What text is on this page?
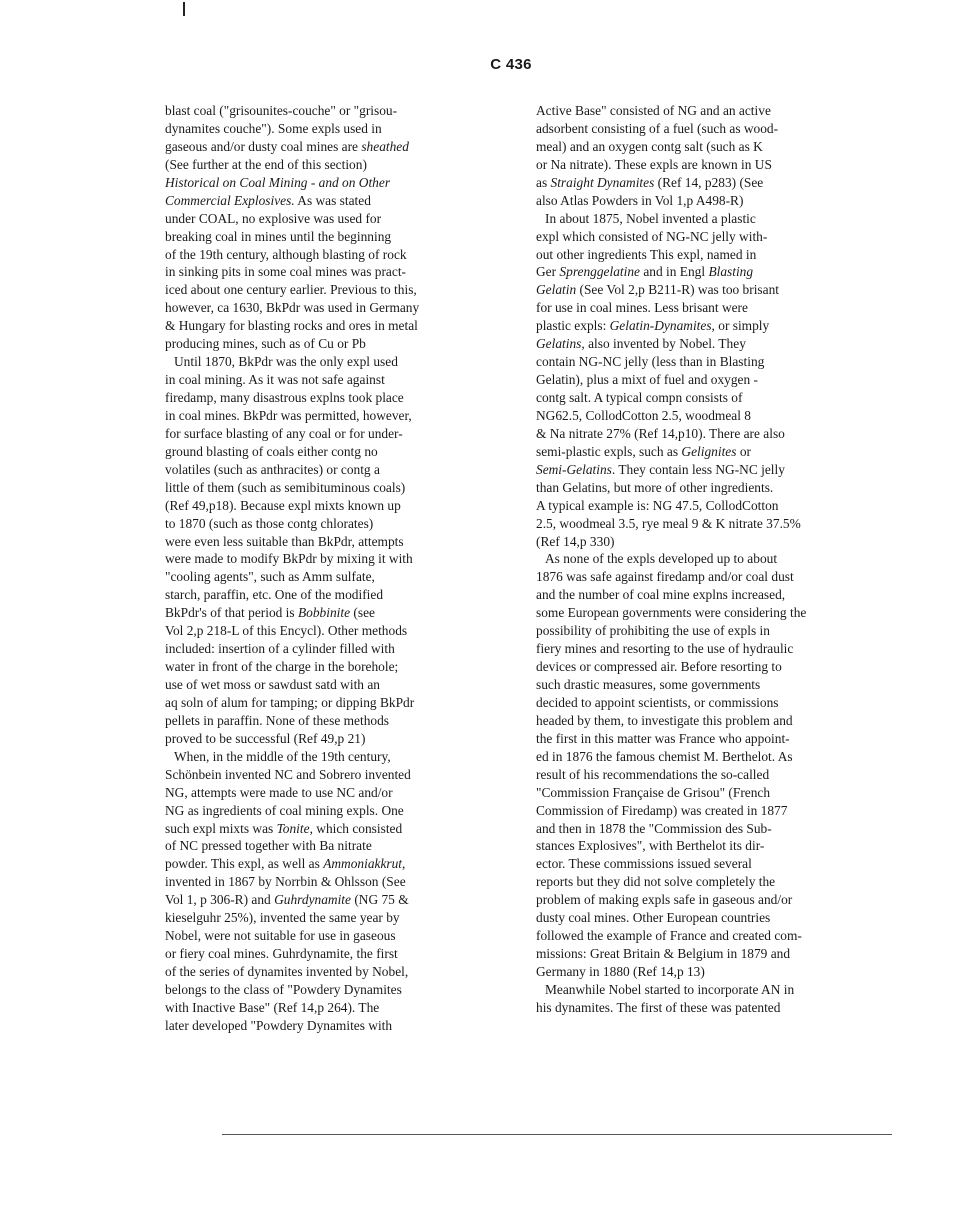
C 436
blast coal ("grisounites-couche" or "grisou-
dynamites couche"). Some expls used in
gaseous and/or dusty coal mines are sheathed
(See further at the end of this section)
Historical on Coal Mining - and on Other
Commercial Explosives. As was stated
under COAL, no explosive was used for
breaking coal in mines until the beginning
of the 19th century, although blasting of rock
in sinking pits in some coal mines was pract-
iced about one century earlier. Previous to this,
however, ca 1630, BkPdr was used in Germany
& Hungary for blasting rocks and ores in metal
producing mines, such as of Cu or Pb
Until 1870, BkPdr was the only expl used
in coal mining. As it was not safe against
firedamp, many disastrous explns took place
in coal mines. BkPdr was permitted, however,
for surface blasting of any coal or for under-
ground blasting of coals either contg no
volatiles (such as anthracites) or contg a
little of them (such as semibituminous coals)
(Ref 49,p18). Because expl mixts known up
to 1870 (such as those contg chlorates)
were even less suitable than BkPdr, attempts
were made to modify BkPdr by mixing it with
"cooling agents", such as Amm sulfate,
starch, paraffin, etc. One of the modified
BkPdr's of that period is Bobbinite (see
Vol 2,p 218-L of this Encycl). Other methods
included: insertion of a cylinder filled with
water in front of the charge in the borehole;
use of wet moss or sawdust satd with an
aq soln of alum for tamping; or dipping BkPdr
pellets in paraffin. None of these methods
proved to be successful (Ref 49,p 21)
When, in the middle of the 19th century,
Schönbein invented NC and Sobrero invented
NG, attempts were made to use NC and/or
NG as ingredients of coal mining expls. One
such expl mixts was Tonite, which consisted
of NC pressed together with Ba nitrate
powder. This expl, as well as Ammoniakkrut,
invented in 1867 by Norrbin & Ohlsson (See
Vol 1, p 306-R) and Guhrdynamite (NG 75 &
kieselguhr 25%), invented the same year by
Nobel, were not suitable for use in gaseous
or fiery coal mines. Guhrdynamite, the first
of the series of dynamites invented by Nobel,
belongs to the class of "Powdery Dynamites
with Inactive Base" (Ref 14,p 264). The
later developed "Powdery Dynamites with
Active Base" consisted of NG and an active
adsorbent consisting of a fuel (such as wood-
meal) and an oxygen contg salt (such as K
or Na nitrate). These expls are known in US
as Straight Dynamites (Ref 14, p283) (See
also Atlas Powders in Vol 1,p A498-R)
In about 1875, Nobel invented a plastic
expl which consisted of NG-NC jelly with-
out other ingredients This expl, named in
Ger Sprenggelatine and in Engl Blasting
Gelatin (See Vol 2,p B211-R) was too brisant
for use in coal mines. Less brisant were
plastic expls: Gelatin-Dynamites, or simply
Gelatins, also invented by Nobel. They
contain NG-NC jelly (less than in Blasting
Gelatin), plus a mixt of fuel and oxygen -
contg salt. A typical compn consists of
NG62.5, CollodCotton 2.5, woodmeal 8
& Na nitrate 27% (Ref 14,p10). There are also
semi-plastic expls, such as Gelignites or
Semi-Gelatins. They contain less NG-NC jelly
than Gelatins, but more of other ingredients.
A typical example is: NG 47.5, CollodCotton
2.5, woodmeal 3.5, rye meal 9 & K nitrate 37.5%
(Ref 14,p 330)
As none of the expls developed up to about
1876 was safe against firedamp and/or coal dust
and the number of coal mine explns increased,
some European governments were considering the
possibility of prohibiting the use of expls in
fiery mines and resorting to the use of hydraulic
devices or compressed air. Before resorting to
such drastic measures, some governments
decided to appoint scientists, or commissions
headed by them, to investigate this problem and
the first in this matter was France who appoint-
ed in 1876 the famous chemist M. Berthelot. As
result of his recommendations the so-called
"Commission Française de Grisou" (French
Commission of Firedamp) was created in 1877
and then in 1878 the "Commission des Sub-
stances Explosives", with Berthelot its dir-
ector. These commissions issued several
reports but they did not solve completely the
problem of making expls safe in gaseous and/or
dusty coal mines. Other European countries
followed the example of France and created com-
missions: Great Britain & Belgium in 1879 and
Germany in 1880 (Ref 14,p 13)
Meanwhile Nobel started to incorporate AN in
his dynamites. The first of these was patented
